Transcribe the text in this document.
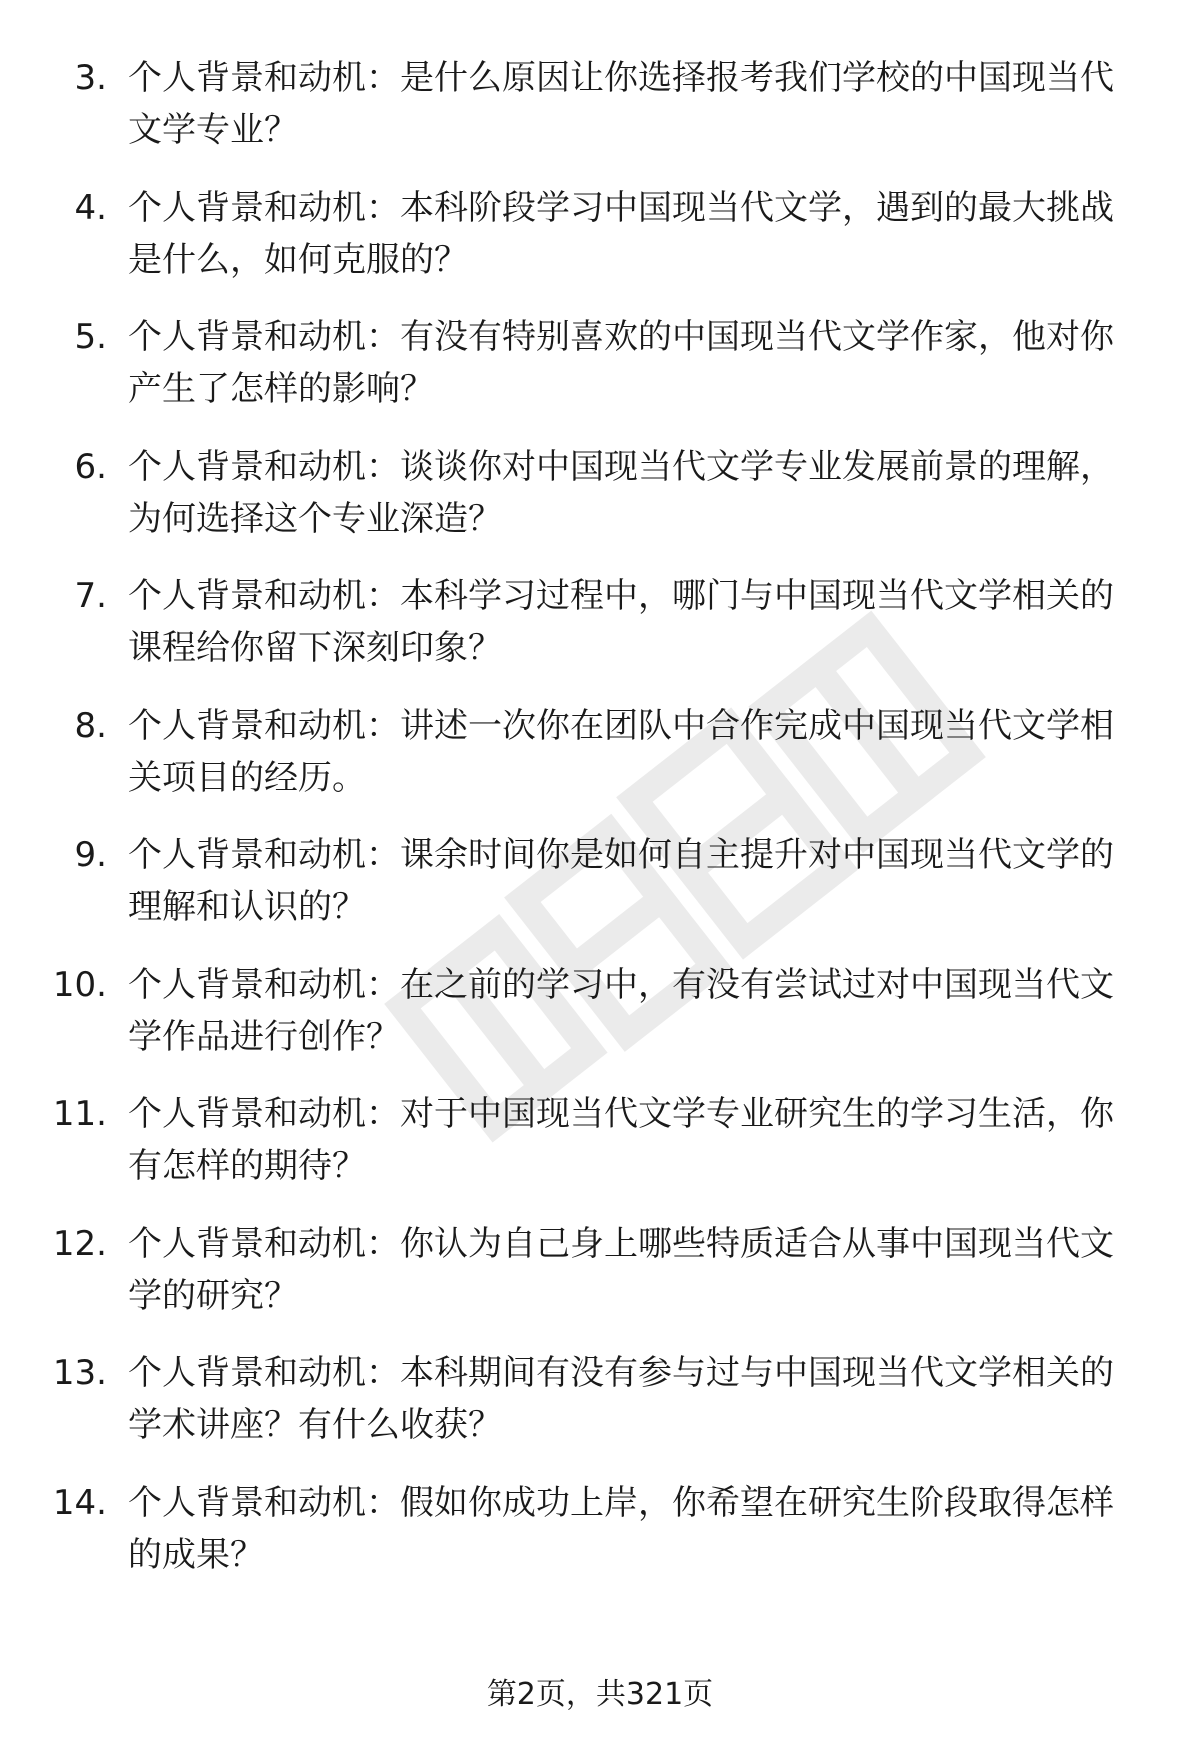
3. 个人背景和动机：是什么原因让你选择报考我们学校的中国现当代文学专业？
4. 个人背景和动机：本科阶段学习中国现当代文学，遇到的最大挑战是什么，如何克服的？
5. 个人背景和动机：有没有特别喜欢的中国现当代文学作家，他对你产生了怎样的影响？
6. 个人背景和动机：谈谈你对中国现当代文学专业发展前景的理解，为何选择这个专业深造？
7. 个人背景和动机：本科学习过程中，哪门与中国现当代文学相关的课程给你留下深刻印象？
8. 个人背景和动机：讲述一次你在团队中合作完成中国现当代文学相关项目的经历。
9. 个人背景和动机：课余时间你是如何自主提升对中国现当代文学的理解和认识的？
10. 个人背景和动机：在之前的学习中，有没有尝试过对中国现当代文学作品进行创作？
11. 个人背景和动机：对于中国现当代文学专业研究生的学习生活，你有怎样的期待？
12. 个人背景和动机：你认为自己身上哪些特质适合从事中国现当代文学的研究？
13. 个人背景和动机：本科期间有没有参与过与中国现当代文学相关的学术讲座？有什么收获？
14. 个人背景和动机：假如你成功上岸，你希望在研究生阶段取得怎样的成果？
第2页，共321页
